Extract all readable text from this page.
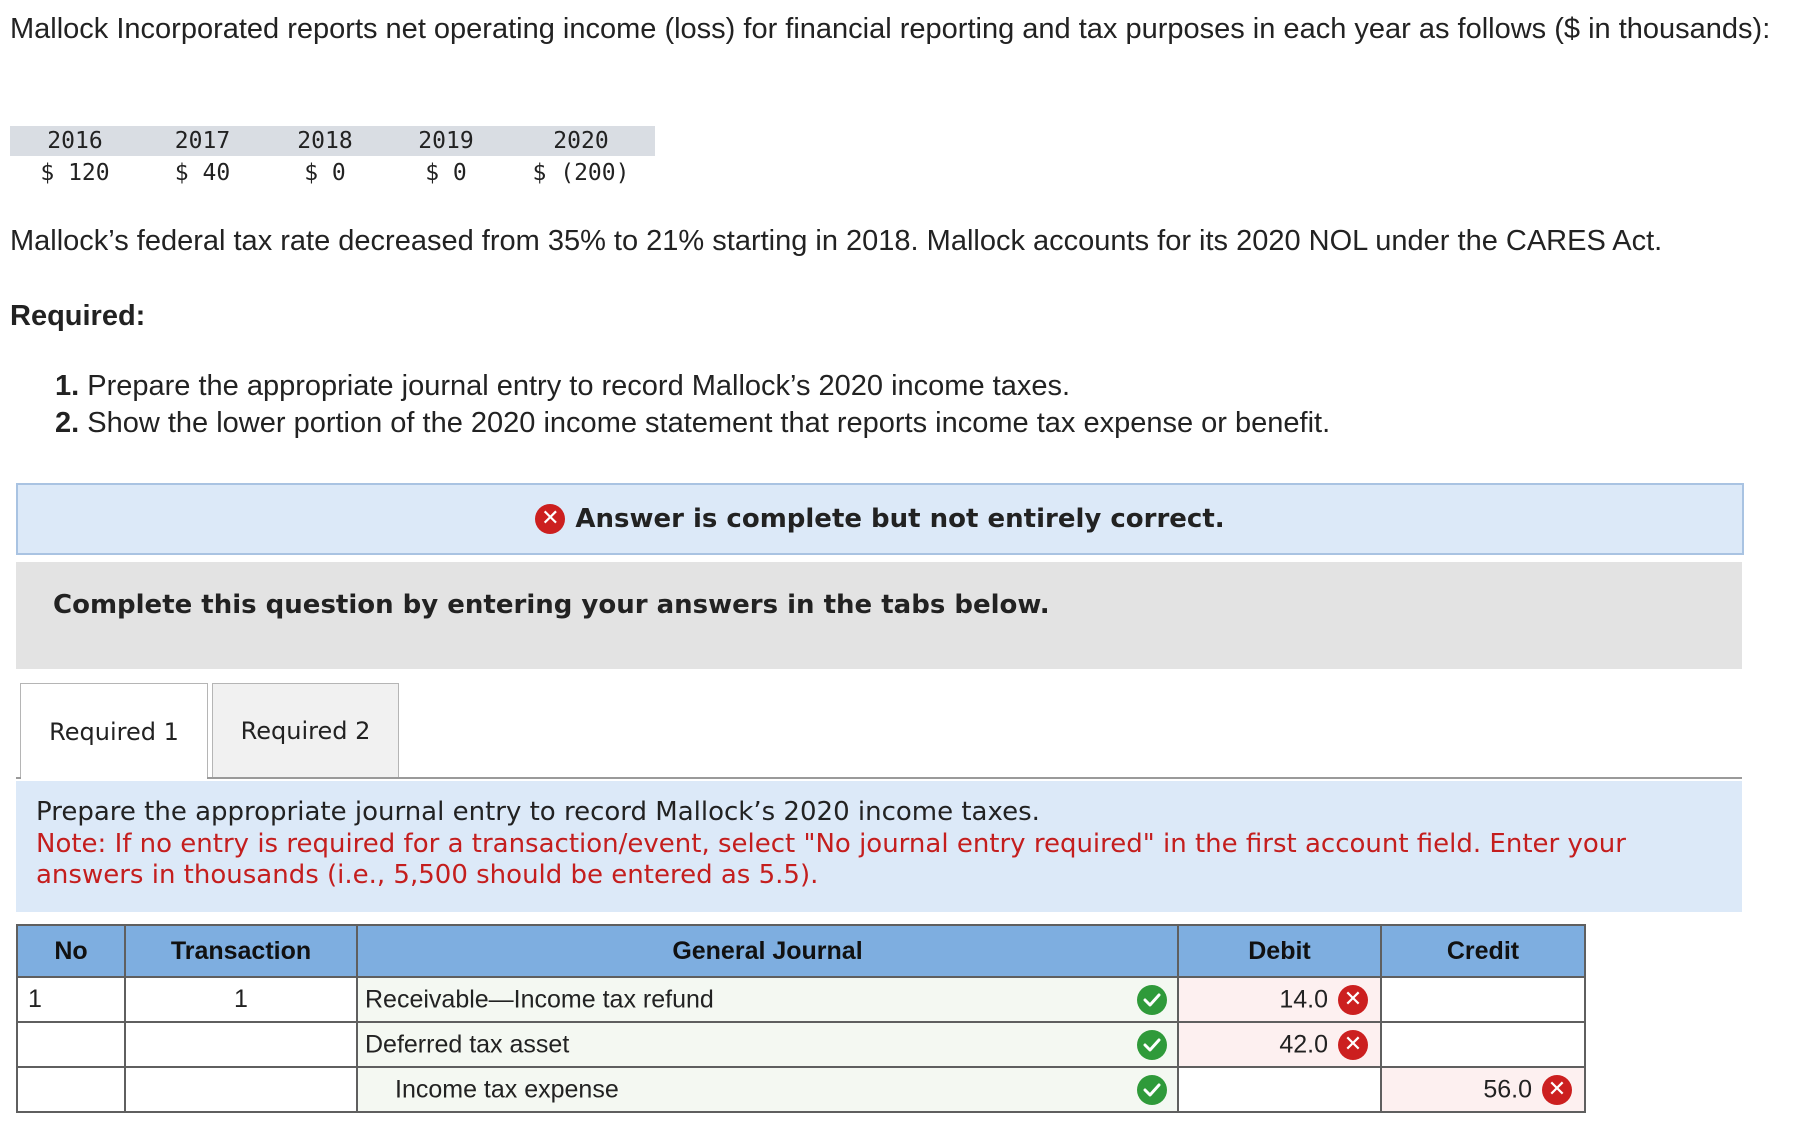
Mallock Incorporated reports net operating income (loss) for financial reporting and tax purposes in each year as follows ($ in thousands):

2016	2017	2018	2019	2020
$ 120	$ 40	$ 0	$ 0	$ (200)

Mallock’s federal tax rate decreased from 35% to 21% starting in 2018. Mallock accounts for its 2020 NOL under the CARES Act.

Required:

1. Prepare the appropriate journal entry to record Mallock’s 2020 income taxes.
2. Show the lower portion of the 2020 income statement that reports income tax expense or benefit.
✕ Answer is complete but not entirely correct.
Complete this question by entering your answers in the tabs below.
Required 1	Required 2
Prepare the appropriate journal entry to record Mallock’s 2020 income taxes.
Note: If no entry is required for a transaction/event, select "No journal entry required" in the first account field. Enter your answers in thousands (i.e., 5,500 should be entered as 5.5).
No	Transaction	General Journal	Debit	Credit
1	1	Receivable—Income tax refund	14.0 ✕	

		Deferred tax asset	42.0 ✕	

		Income tax expense		56.0 ✕
